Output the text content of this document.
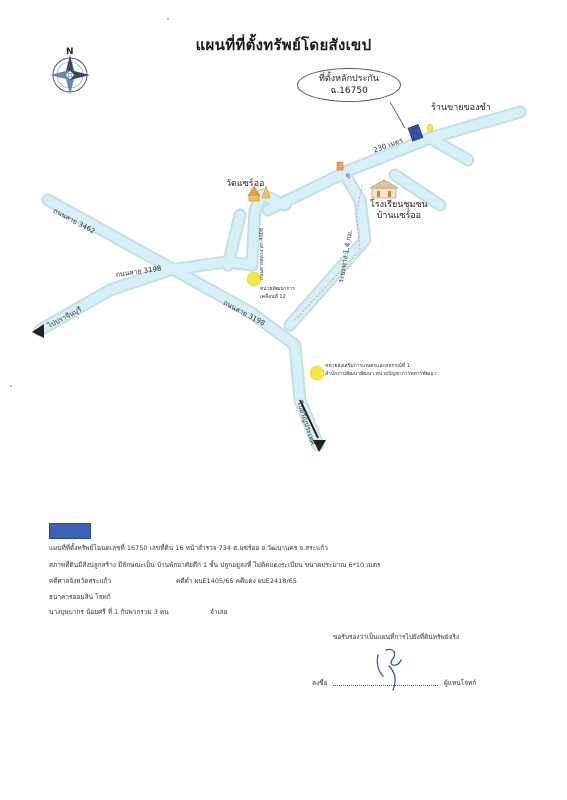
แผนที่ที่ตั้งทรัพย์โดยสังเขป
N
ที่ตั้งหลักประกัน
ฉ.16750
ร้านขายของชำ
230 เมตร
ตู
วัดแซร์ออ
โรงเรียนชุมชน
บ้านแซร์ออ
ถนนสาย 3462
ถนนสาย 3198
ถนนสาย 3198
ถนนทางหลวง สก.4008	ระยะทาง 1.4 กม.
ไปปราจีนบุรี
ไปอรัญประเทศ
หน่วยพัฒนาการ
เคลื่อนที่ 12
หน่วยส่งเสริมการเกษตรและสหกรณ์ที่ 1
สำนักงานพัฒนาพัฒนา หน่วยบัญชาการทหารพัฒนา
แผนที่ที่ตั้งทรัพย์โฉนดเลขที่ 16750 เลขที่ดิน 16 หน้าสำรวจ 734 ต.แซร์ออ อ.วัฒนานคร จ.สระแก้ว
สภาพที่ดินมีสิ่งปลูกสร้าง มีลักษณะเป็น บ้านพักอาศัยตึก 1 ชั้น ปลูกอยู่ลงที่ ไม่ติดแดงระเบียน ขนาดประมาณ 6*10 เมตร
คดีศาลจังหวัดสระแก้ว	คดีดำ ผบE1405/65 คดีแดง ผบE2418/65
ธนาคารออมสิน โจทก์
นางบุษบากร น้อยศรี ที่ 1 กับพวกรวม 3 คน	จำเลย
ขอรับรองว่าเป็นแผนที่การไปยังที่ดินทรัพย์จริง
ลงชื่อ	ผู้แทนโจทก์
